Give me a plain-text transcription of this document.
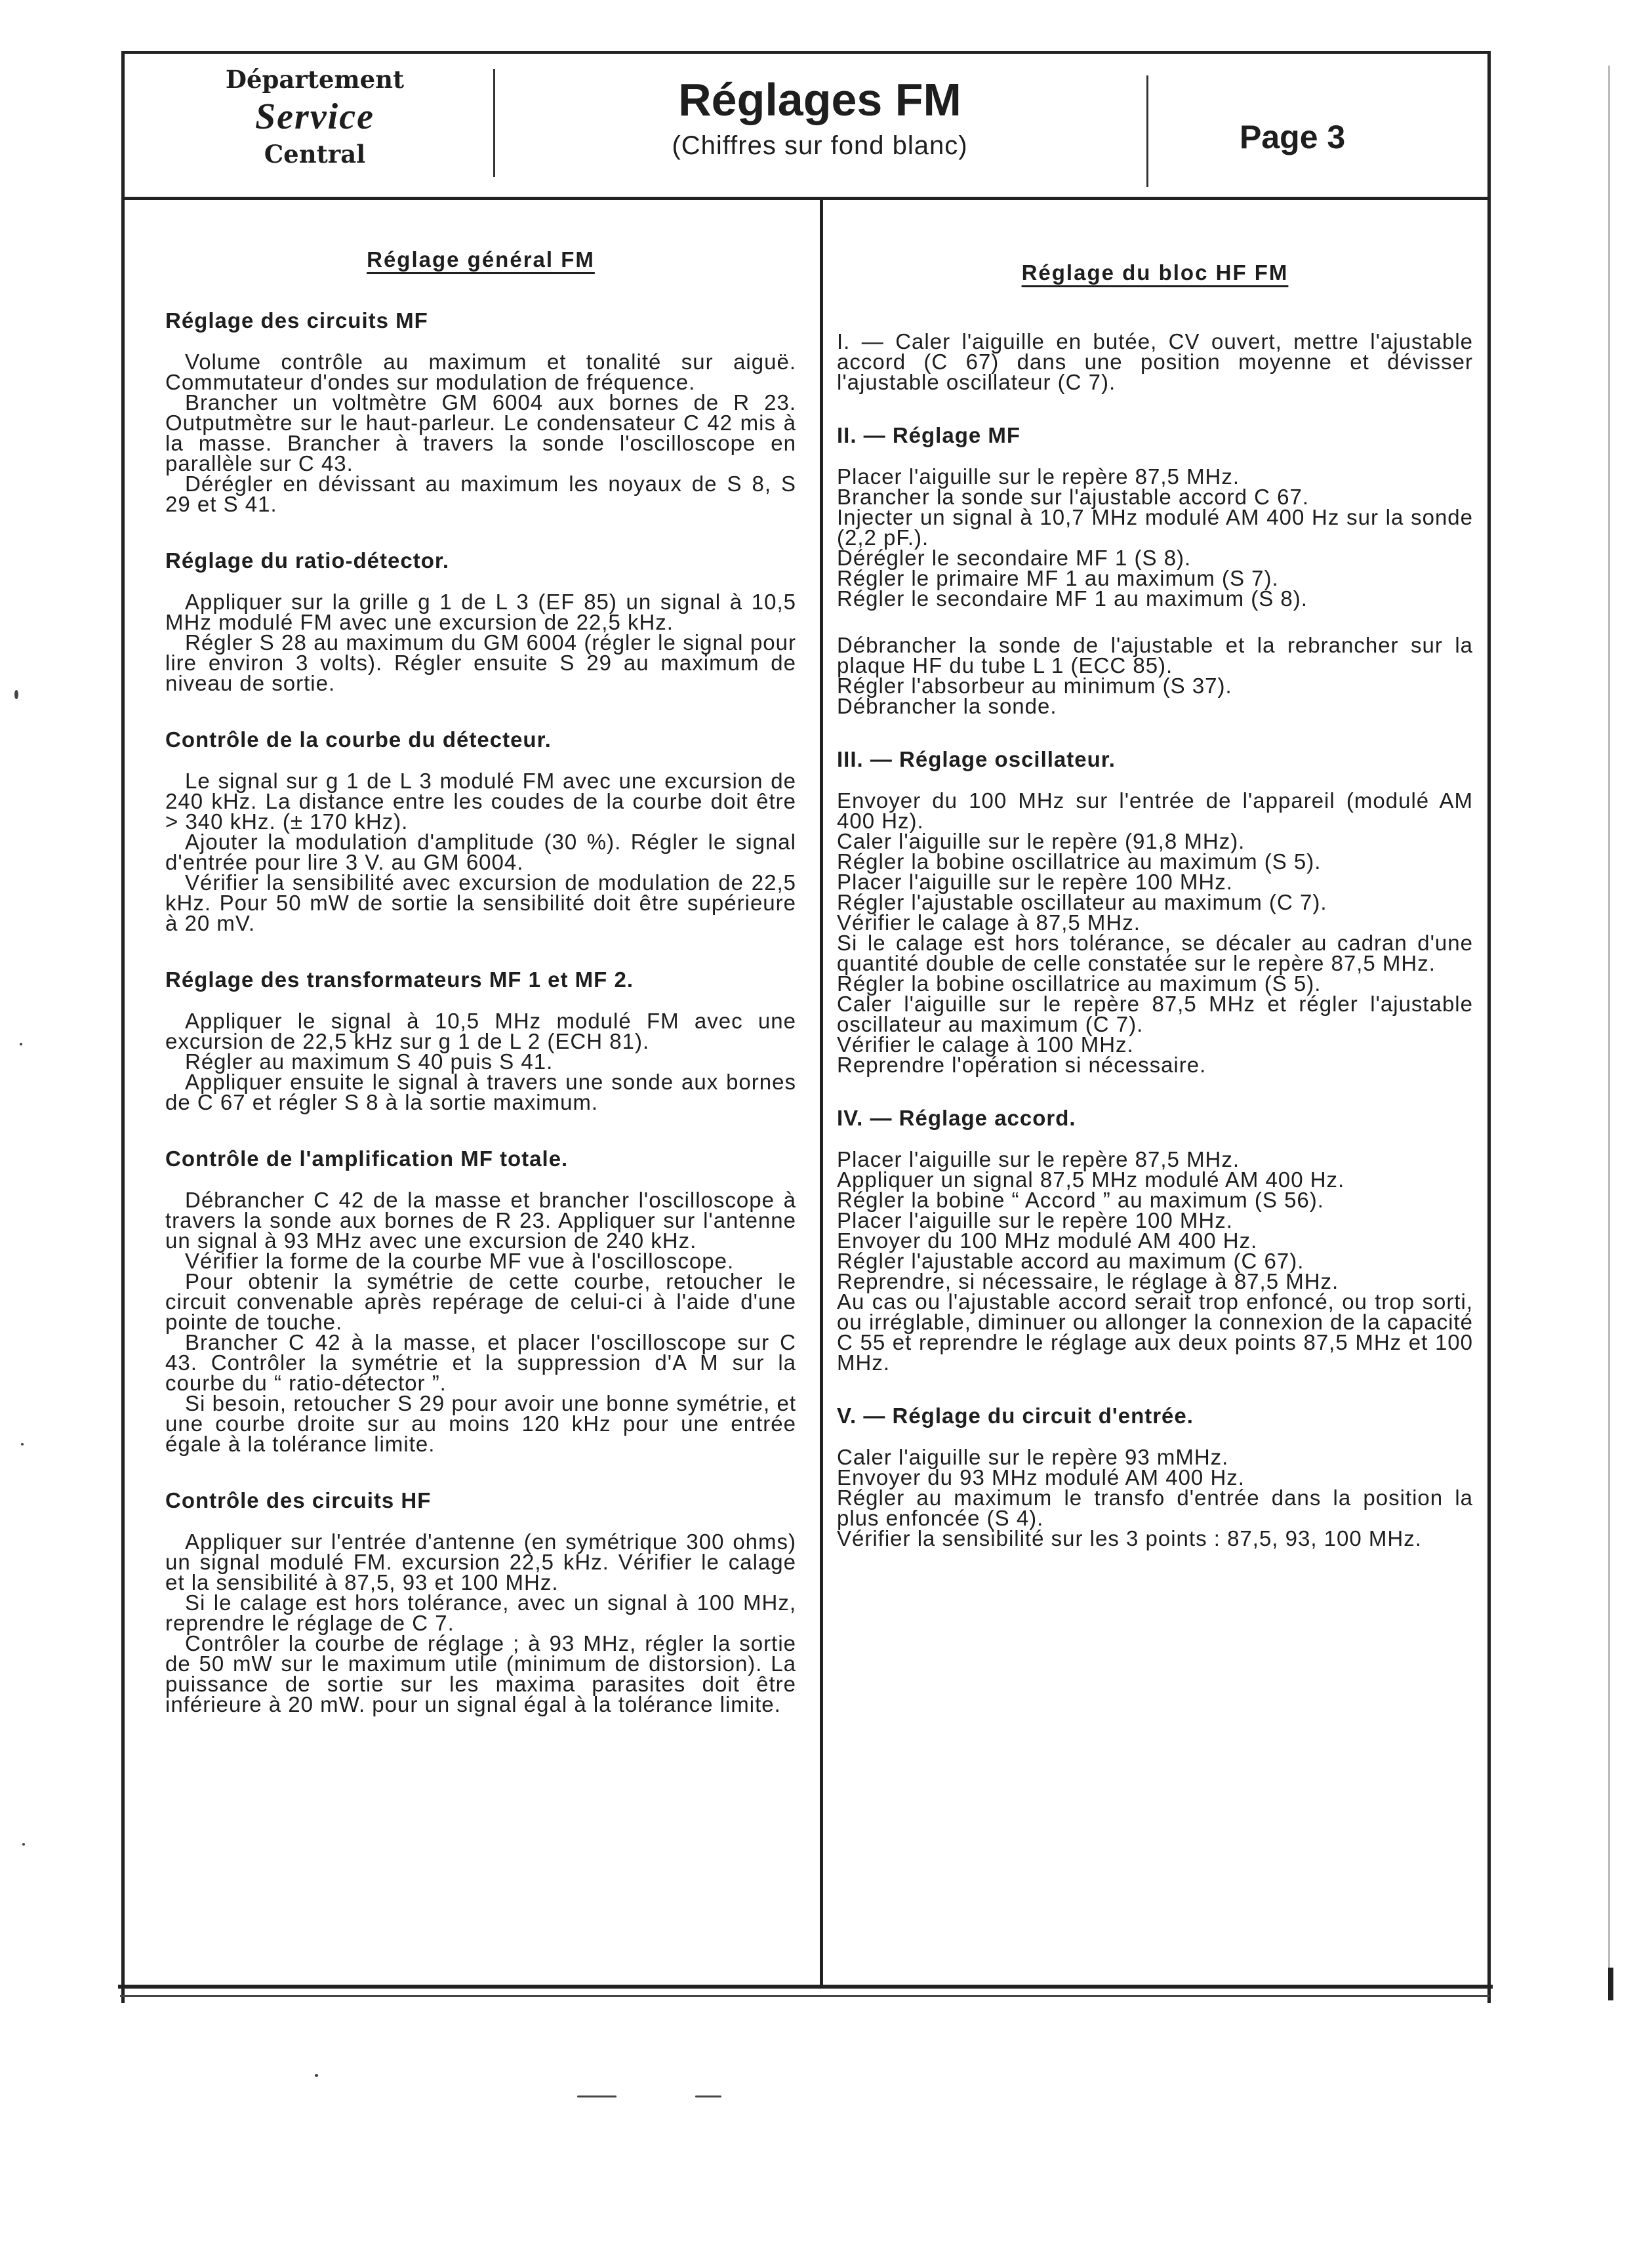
Département
Service
Central
Réglages FM
(Chiffres sur fond blanc)	Page 3
Réglage général FM
Réglage des circuits MF

Volume contrôle au maximum et tonalité sur aiguë. Commutateur d'ondes sur modulation de fréquence.

Brancher un voltmètre GM 6004 aux bornes de R 23. Outputmètre sur le haut-parleur. Le condensateur C 42 mis à la masse. Brancher à travers la sonde l'oscilloscope en parallèle sur C 43.

Dérégler en dévissant au maximum les noyaux de S 8, S 29 et S 41.

Réglage du ratio-détector.

Appliquer sur la grille g 1 de L 3 (EF 85) un signal à 10,5 MHz modulé FM avec une excursion de 22,5 kHz.

Régler S 28 au maximum du GM 6004 (régler le signal pour lire environ 3 volts). Régler ensuite S 29 au maximum de niveau de sortie.

Contrôle de la courbe du détecteur.

Le signal sur g 1 de L 3 modulé FM avec une excursion de 240 kHz. La distance entre les coudes de la courbe doit être > 340 kHz. (± 170 kHz).

Ajouter la modulation d'amplitude (30 %). Régler le signal d'entrée pour lire 3 V. au GM 6004.

Vérifier la sensibilité avec excursion de modulation de 22,5 kHz. Pour 50 mW de sortie la sensibilité doit être supérieure à 20 mV.

Réglage des transformateurs MF 1 et MF 2.

Appliquer le signal à 10,5 MHz modulé FM avec une excursion de 22,5 kHz sur g 1 de L 2 (ECH 81).

Régler au maximum S 40 puis S 41.

Appliquer ensuite le signal à travers une sonde aux bornes de C 67 et régler S 8 à la sortie maximum.

Contrôle de l'amplification MF totale.

Débrancher C 42 de la masse et brancher l'oscilloscope à travers la sonde aux bornes de R 23. Appliquer sur l'antenne un signal à 93 MHz avec une excursion de 240 kHz.

Vérifier la forme de la courbe MF vue à l'oscilloscope.

Pour obtenir la symétrie de cette courbe, retoucher le circuit convenable après repérage de celui-ci à l'aide d'une pointe de touche.

Brancher C 42 à la masse, et placer l'oscilloscope sur C 43. Contrôler la symétrie et la suppression d'A M sur la courbe du “ ratio-détector ”.

Si besoin, retoucher S 29 pour avoir une bonne symétrie, et une courbe droite sur au moins 120 kHz pour une entrée égale à la tolérance limite.

Contrôle des circuits HF

Appliquer sur l'entrée d'antenne (en symétrique 300 ohms) un signal modulé FM. excursion 22,5 kHz. Vérifier le calage et la sensibilité à 87,5, 93 et 100 MHz.

Si le calage est hors tolérance, avec un signal à 100 MHz, reprendre le réglage de C 7.

Contrôler la courbe de réglage ; à 93 MHz, régler la sortie de 50 mW sur le maximum utile (minimum de distorsion). La puissance de sortie sur les maxima parasites doit être inférieure à 20 mW. pour un signal égal à la tolérance limite.

Réglage du bloc HF FM

I. — Caler l'aiguille en butée, CV ouvert, mettre l'ajustable accord (C 67) dans une position moyenne et dévisser l'ajustable oscillateur (C 7).

II. — Réglage MF

Placer l'aiguille sur le repère 87,5 MHz.

Brancher la sonde sur l'ajustable accord C 67.

Injecter un signal à 10,7 MHz modulé AM 400 Hz sur la sonde (2,2 pF.).

Dérégler le secondaire MF 1 (S 8).

Régler le primaire MF 1 au maximum (S 7).

Régler le secondaire MF 1 au maximum (S 8).

Débrancher la sonde de l'ajustable et la rebrancher sur la plaque HF du tube L 1 (ECC 85).

Régler l'absorbeur au minimum (S 37).

Débrancher la sonde.

III. — Réglage oscillateur.

Envoyer du 100 MHz sur l'entrée de l'appareil (modulé AM 400 Hz).

Caler l'aiguille sur le repère (91,8 MHz).

Régler la bobine oscillatrice au maximum (S 5).

Placer l'aiguille sur le repère 100 MHz.

Régler l'ajustable oscillateur au maximum (C 7).

Vérifier le calage à 87,5 MHz.

Si le calage est hors tolérance, se décaler au cadran d'une quantité double de celle constatée sur le repère 87,5 MHz.

Régler la bobine oscillatrice au maximum (S 5).

Caler l'aiguille sur le repère 87,5 MHz et régler l'ajustable oscillateur au maximum (C 7).

Vérifier le calage à 100 MHz.

Reprendre l'opération si nécessaire.

IV. — Réglage accord.

Placer l'aiguille sur le repère 87,5 MHz.

Appliquer un signal 87,5 MHz modulé AM 400 Hz.

Régler la bobine “ Accord ” au maximum (S 56).

Placer l'aiguille sur le repère 100 MHz.

Envoyer du 100 MHz modulé AM 400 Hz.

Régler l'ajustable accord au maximum (C 67).

Reprendre, si nécessaire, le réglage à 87,5 MHz.

Au cas ou l'ajustable accord serait trop enfoncé, ou trop sorti, ou irréglable, diminuer ou allonger la connexion de la capacité C 55 et reprendre le réglage aux deux points 87,5 MHz et 100 MHz.

V. — Réglage du circuit d'entrée.

Caler l'aiguille sur le repère 93 mMHz.

Envoyer du 93 MHz modulé AM 400 Hz.

Régler au maximum le transfo d'entrée dans la position la plus enfoncée (S 4).

Vérifier la sensibilité sur les 3 points : 87,5, 93, 100 MHz.
